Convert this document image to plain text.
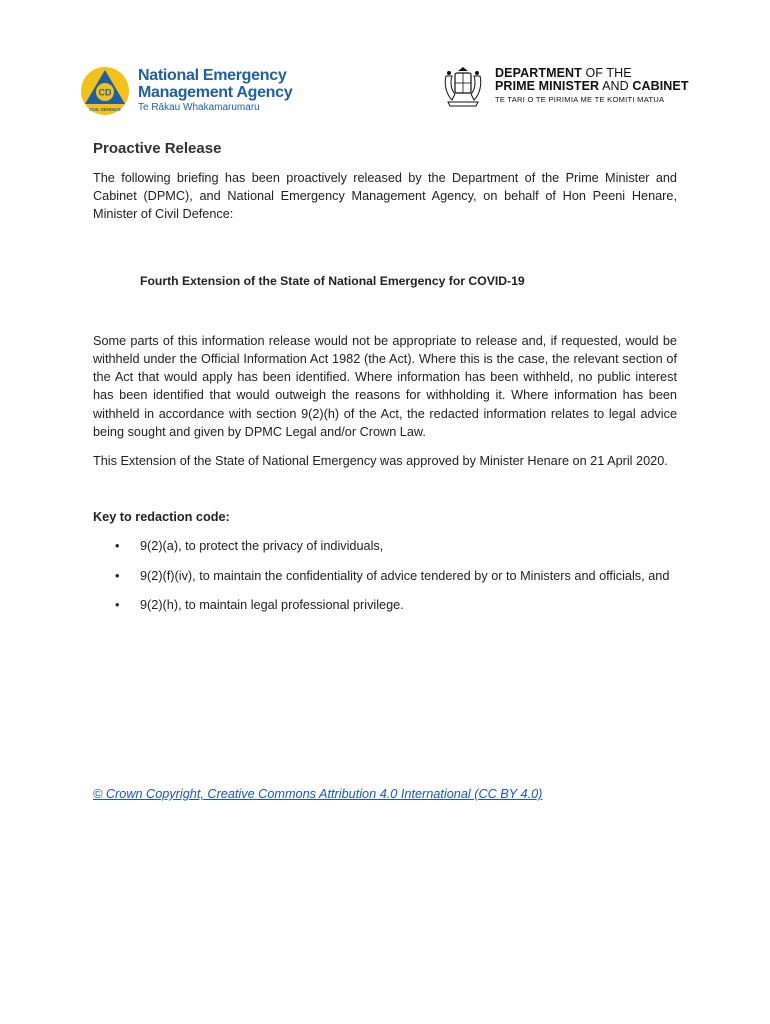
CD
CIVIL DEFENCE
National Emergency
Management Agency
Te Rākau Whakamarumaru
DEPARTMENT OF THE
PRIME MINISTER AND CABINET
TE TARI O TE PIRIMIA ME TE KOMITI MATUA
Proactive Release

The following briefing has been proactively released by the Department of the Prime Minister and Cabinet (DPMC), and National Emergency Management Agency, on behalf of Hon Peeni Henare, Minister of Civil Defence:

Fourth Extension of the State of National Emergency for COVID-19

Some parts of this information release would not be appropriate to release and, if requested, would be withheld under the Official Information Act 1982 (the Act). Where this is the case, the relevant section of the Act that would apply has been identified. Where information has been withheld, no public interest has been identified that would outweigh the reasons for withholding it. Where information has been withheld in accordance with section 9(2)(h) of the Act, the redacted information relates to legal advice being sought and given by DPMC Legal and/or Crown Law.

This Extension of the State of National Emergency was approved by Minister Henare on 21 April 2020.

Key to redaction code:

• 9(2)(a), to protect the privacy of individuals,

• 9(2)(f)(iv), to maintain the confidentiality of advice tendered by or to Ministers and officials, and

• 9(2)(h), to maintain legal professional privilege.

© Crown Copyright, Creative Commons Attribution 4.0 International (CC BY 4.0)
